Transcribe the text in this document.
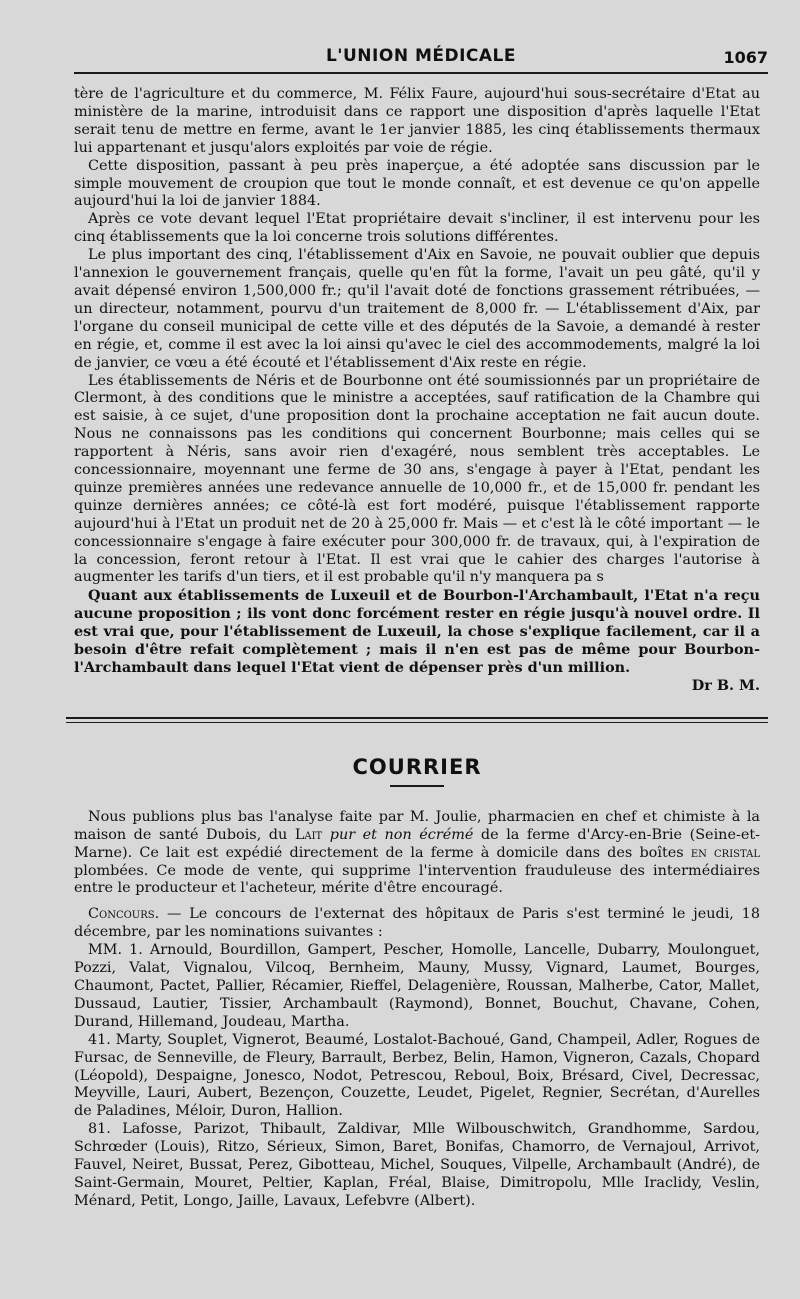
L'UNION MÉDICALE	1067

tère de l'agriculture et du commerce, M. Félix Faure, aujourd'hui sous-secrétaire d'Etat au ministère de la marine, introduisit dans ce rapport une disposition d'après laquelle l'Etat serait tenu de mettre en ferme, avant le 1er janvier 1885, les cinq établissements thermaux lui appartenant et jusqu'alors exploités par voie de régie.

Cette disposition, passant à peu près inaperçue, a été adoptée sans discussion par le simple mouvement de croupion que tout le monde connaît, et est devenue ce qu'on appelle aujourd'hui la loi de janvier 1884.

Après ce vote devant lequel l'Etat propriétaire devait s'incliner, il est intervenu pour les cinq établissements que la loi concerne trois solutions différentes.

Le plus important des cinq, l'établissement d'Aix en Savoie, ne pouvait oublier que depuis l'annexion le gouvernement français, quelle qu'en fût la forme, l'avait un peu gâté, qu'il y avait dépensé environ 1,500,000 fr.; qu'il l'avait doté de fonctions grassement rétribuées, — un directeur, notamment, pourvu d'un traitement de 8,000 fr. — L'établissement d'Aix, par l'organe du conseil municipal de cette ville et des députés de la Savoie, a demandé à rester en régie, et, comme il est avec la loi ainsi qu'avec le ciel des accommodements, malgré la loi de janvier, ce vœu a été écouté et l'établissement d'Aix reste en régie.

Les établissements de Néris et de Bourbonne ont été soumissionnés par un propriétaire de Clermont, à des conditions que le ministre a acceptées, sauf ratification de la Chambre qui est saisie, à ce sujet, d'une proposition dont la prochaine acceptation ne fait aucun doute. Nous ne connaissons pas les conditions qui concernent Bourbonne; mais celles qui se rapportent à Néris, sans avoir rien d'exagéré, nous semblent très acceptables. Le concessionnaire, moyennant une ferme de 30 ans, s'engage à payer à l'Etat, pendant les quinze premières années une redevance annuelle de 10,000 fr., et de 15,000 fr. pendant les quinze dernières années; ce côté-là est fort modéré, puisque l'établissement rapporte aujourd'hui à l'Etat un produit net de 20 à 25,000 fr. Mais — et c'est là le côté important — le concessionnaire s'engage à faire exécuter pour 300,000 fr. de travaux, qui, à l'expiration de la concession, feront retour à l'Etat. Il est vrai que le cahier des charges l'autorise à augmenter les tarifs d'un tiers, et il est probable qu'il n'y manquera pa s

Quant aux établissements de Luxeuil et de Bourbon-l'Archambault, l'Etat n'a reçu aucune proposition ; ils vont donc forcément rester en régie jusqu'à nouvel ordre. Il est vrai que, pour l'établissement de Luxeuil, la chose s'explique facilement, car il a besoin d'être refait complètement ; mais il n'en est pas de même pour Bourbon-l'Archambault dans lequel l'Etat vient de dépenser près d'un million.

Dr B. M.
COURRIER

Nous publions plus bas l'analyse faite par M. Joulie, pharmacien en chef et chimiste à la maison de santé Dubois, du Lait pur et non écrémé de la ferme d'Arcy-en-Brie (Seine-et-Marne). Ce lait est expédié directement de la ferme à domicile dans des boîtes en cristal plombées. Ce mode de vente, qui supprime l'intervention frauduleuse des intermédiaires entre le producteur et l'acheteur, mérite d'être encouragé.

Concours. — Le concours de l'externat des hôpitaux de Paris s'est terminé le jeudi, 18 décembre, par les nominations suivantes :

MM. 1. Arnould, Bourdillon, Gampert, Pescher, Homolle, Lancelle, Dubarry, Moulonguet, Pozzi, Valat, Vignalou, Vilcoq, Bernheim, Mauny, Mussy, Vignard, Laumet, Bourges, Chaumont, Pactet, Pallier, Récamier, Rieffel, Delagenière, Roussan, Malherbe, Cator, Mallet, Dussaud, Lautier, Tissier, Archambault (Raymond), Bonnet, Bouchut, Chavane, Cohen, Durand, Hillemand, Joudeau, Martha.

41. Marty, Souplet, Vignerot, Beaumé, Lostalot-Bachoué, Gand, Champeil, Adler, Rogues de Fursac, de Senneville, de Fleury, Barrault, Berbez, Belin, Hamon, Vigneron, Cazals, Chopard (Léopold), Despaigne, Jonesco, Nodot, Petrescou, Reboul, Boix, Brésard, Civel, Decressac, Meyville, Lauri, Aubert, Bezençon, Couzette, Leudet, Pigelet, Regnier, Secrétan, d'Aurelles de Paladines, Méloir, Duron, Hallion.

81. Lafosse, Parizot, Thibault, Zaldivar, Mlle Wilbouschwitch, Grandhomme, Sardou, Schrœder (Louis), Ritzo, Sérieux, Simon, Baret, Bonifas, Chamorro, de Vernajoul, Arrivot, Fauvel, Neiret, Bussat, Perez, Gibotteau, Michel, Souques, Vilpelle, Archambault (André), de Saint-Germain, Mouret, Peltier, Kaplan, Fréal, Blaise, Dimitropolu, Mlle Iraclidy, Veslin, Ménard, Petit, Longo, Jaille, Lavaux, Lefebvre (Albert).
